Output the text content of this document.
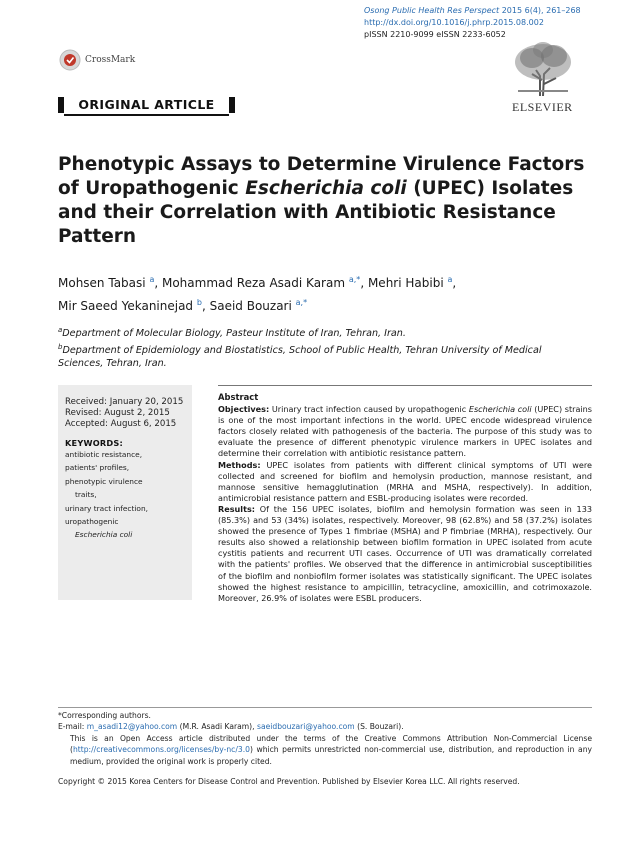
CrossMark
Osong Public Health Res Perspect 2015 6(4), 261–268
http://dx.doi.org/10.1016/j.phrp.2015.08.002
pISSN 2210-9099 eISSN 2233-6052
ELSEVIER
ORIGINAL ARTICLE
Phenotypic Assays to Determine Virulence Factors of Uropathogenic Escherichia coli (UPEC) Isolates and their Correlation with Antibiotic Resistance Pattern
Mohsen Tabasi $^a$, Mohammad Reza Asadi Karam $^{a,*}$, Mehri Habibi $^a$,
Mir Saeed Yekaninejad $^b$, Saeid Bouzari $^{a,*}$
$^a$Department of Molecular Biology, Pasteur Institute of Iran, Tehran, Iran.
$^b$Department of Epidemiology and Biostatistics, School of Public Health, Tehran University of Medical Sciences, Tehran, Iran.
Received: January 20, 2015
Revised: August 2, 2015
Accepted: August 6, 2015
KEYWORDS:
antibiotic resistance,
patients' profiles,
phenotypic virulence
traits,
urinary tract infection,
uropathogenic
Escherichia coli
Abstract

Objectives: Urinary tract infection caused by uropathogenic Escherichia coli (UPEC) strains is one of the most important infections in the world. UPEC encode widespread virulence factors closely related with pathogenesis of the bacteria. The purpose of this study was to evaluate the presence of different phenotypic virulence markers in UPEC isolates and determine their correlation with antibiotic resistance pattern.

Methods: UPEC isolates from patients with different clinical symptoms of UTI were collected and screened for biofilm and hemolysin production, mannose resistant, and mannose sensitive hemagglutination (MRHA and MSHA, respectively). In addition, antimicrobial resistance pattern and ESBL-producing isolates were recorded.

Results: Of the 156 UPEC isolates, biofilm and hemolysin formation was seen in 133 (85.3%) and 53 (34%) isolates, respectively. Moreover, 98 (62.8%) and 58 (37.2%) isolates showed the presence of Types 1 fimbriae (MSHA) and P fimbriae (MRHA), respectively. Our results also showed a relationship between biofilm formation in UPEC isolated from acute cystitis patients and recurrent UTI cases. Occurrence of UTI was dramatically correlated with the patients' profiles. We observed that the difference in antimicrobial susceptibilities of the biofilm and nonbiofilm former isolates was statistically significant. The UPEC isolates showed the highest resistance to ampicillin, tetracycline, amoxicillin, and cotrimoxazole. Moreover, 26.9% of isolates were ESBL producers.

*Corresponding authors.

E-mail: m_asadi12@yahoo.com (M.R. Asadi Karam), saeidbouzari@yahoo.com (S. Bouzari).

This is an Open Access article distributed under the terms of the Creative Commons Attribution Non-Commercial License (http://creativecommons.org/licenses/by-nc/3.0) which permits unrestricted non-commercial use, distribution, and reproduction in any medium, provided the original work is properly cited.

Copyright © 2015 Korea Centers for Disease Control and Prevention. Published by Elsevier Korea LLC. All rights reserved.
